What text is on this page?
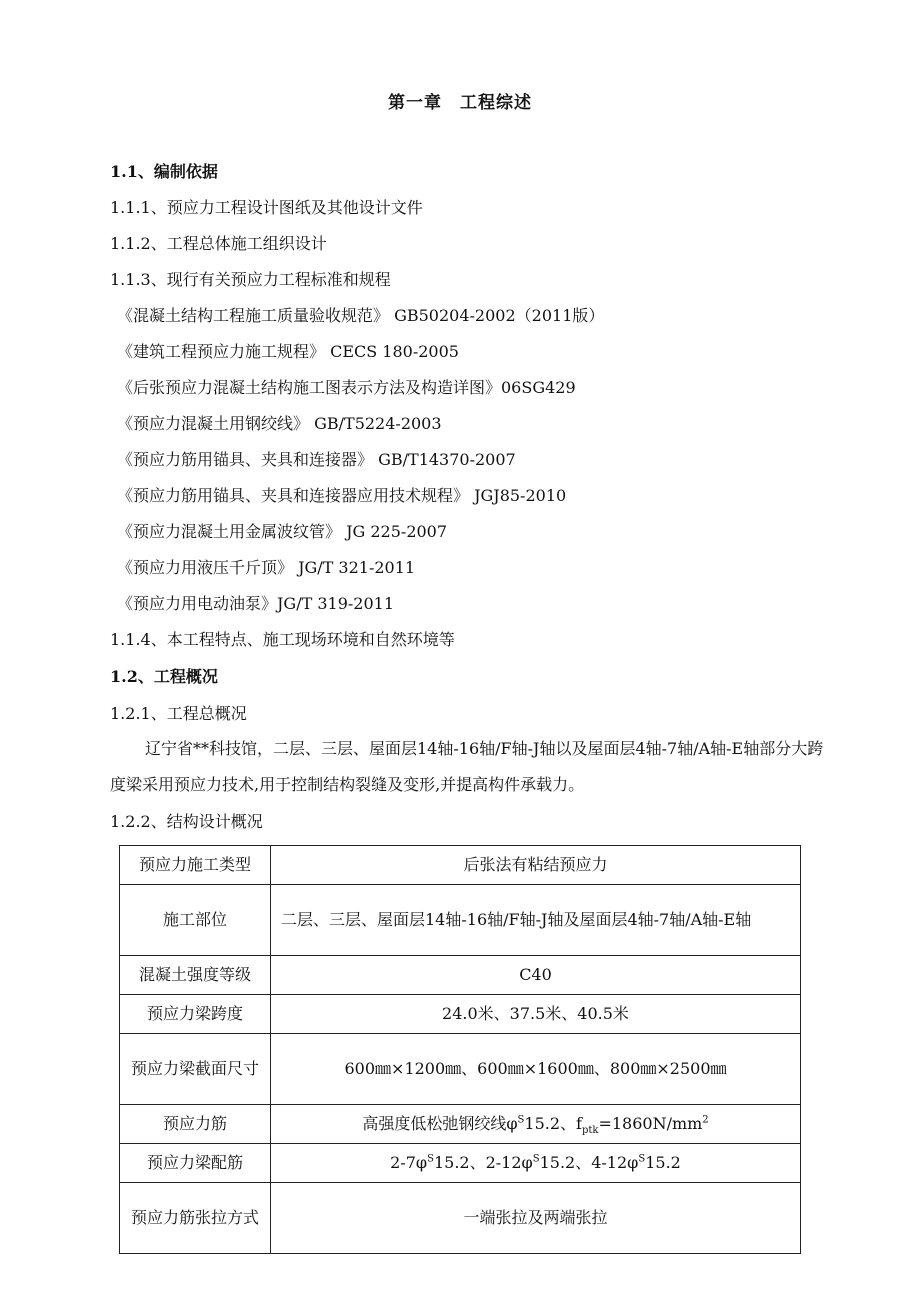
第一章　工程综述
1.1、编制依据
1.1.1、预应力工程设计图纸及其他设计文件
1.1.2、工程总体施工组织设计
1.1.3、现行有关预应力工程标准和规程
《混凝土结构工程施工质量验收规范》 GB50204-2002（2011版）
《建筑工程预应力施工规程》 CECS 180-2005
《后张预应力混凝土结构施工图表示方法及构造详图》06SG429
《预应力混凝土用钢绞线》 GB/T5224-2003
《预应力筋用锚具、夹具和连接器》 GB/T14370-2007
《预应力筋用锚具、夹具和连接器应用技术规程》 JGJ85-2010
《预应力混凝土用金属波纹管》 JG 225-2007
《预应力用液压千斤顶》 JG/T 321-2011
《预应力用电动油泵》JG/T 319-2011
1.1.4、本工程特点、施工现场环境和自然环境等
1.2、工程概况
1.2.1、工程总概况
辽宁省**科技馆，二层、三层、屋面层14轴-16轴/F轴-J轴以及屋面层4轴-7轴/A轴-E轴部分大跨度梁采用预应力技术,用于控制结构裂缝及变形,并提高构件承载力。
1.2.2、结构设计概况
预应力施工类型	后张法有粘结预应力
施工部位	二层、三层、屋面层14轴-16轴/F轴-J轴及屋面层4轴-7轴/A轴-E轴
混凝土强度等级	C40
预应力梁跨度	24.0米、37.5米、40.5米
预应力梁截面尺寸	600㎜×1200㎜、600㎜×1600㎜、800㎜×2500㎜
预应力筋	高强度低松弛钢绞线$\varphi^S15.2$、$f_{ptk}=1860N/mm^2$
预应力梁配筋	$2-7\varphi^S15.2$、$2-12\varphi^S15.2$、$4-12\varphi^S15.2$
预应力筋张拉方式	一端张拉及两端张拉
